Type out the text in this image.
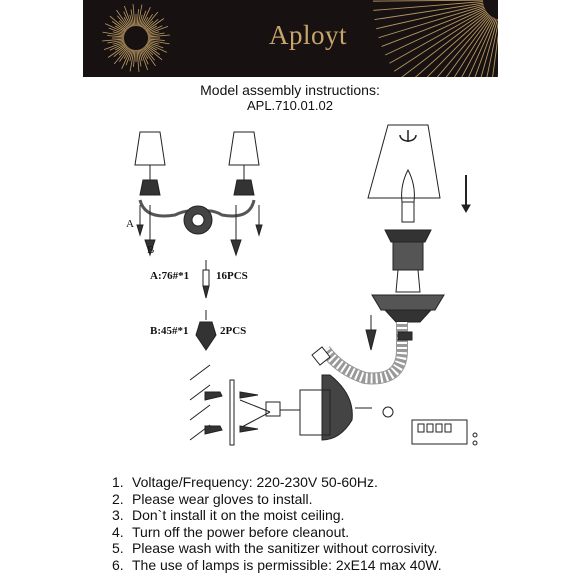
Aployt
Model assembly instructions:
APL.710.01.02
A
B
A:76#*1 16PCS
B:45#*1	2PCS
1. Voltage/Frequency: 220-230V 50-60Hz.
2. Please wear gloves to install.
3. Don`t install it on the moist ceiling.
4. Turn off the power before cleanout.
5. Please wash with the sanitizer without corrosivity.
6. The use of lamps is permissible: 2xE14 max 40W.
